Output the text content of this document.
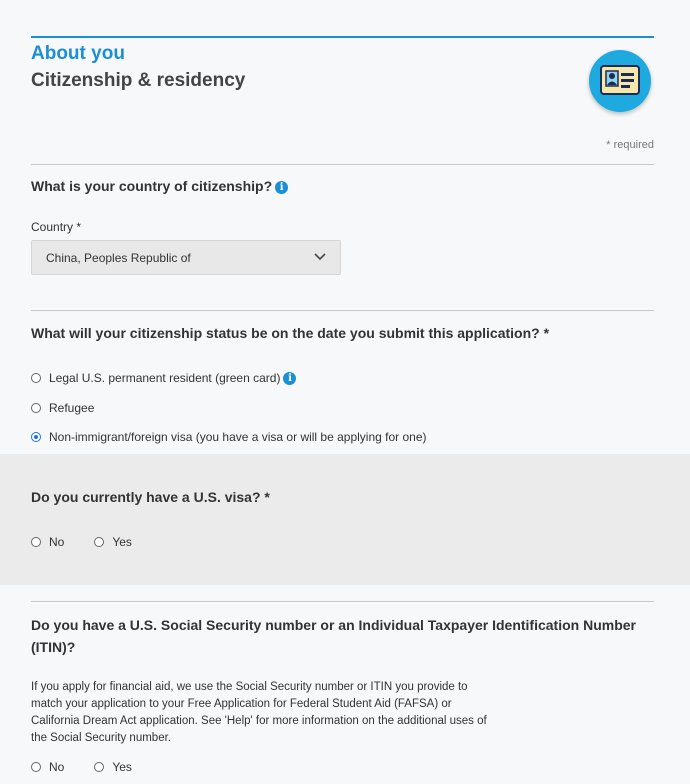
About you
Citizenship & residency
* required
What is your country of citizenship? i
Country *
China, Peoples Republic of
What will your citizenship status be on the date you submit this application? *
Legal U.S. permanent resident (green card) i
Refugee
Non-immigrant/foreign visa (you have a visa or will be applying for one)
Do you currently have a U.S. visa? *
No	Yes
Do you have a U.S. Social Security number or an Individual Taxpayer Identification Number (ITIN)?
If you apply for financial aid, we use the Social Security number or ITIN you provide to match your application to your Free Application for Federal Student Aid (FAFSA) or California Dream Act application. See 'Help' for more information on the additional uses of the Social Security number.
No	Yes
